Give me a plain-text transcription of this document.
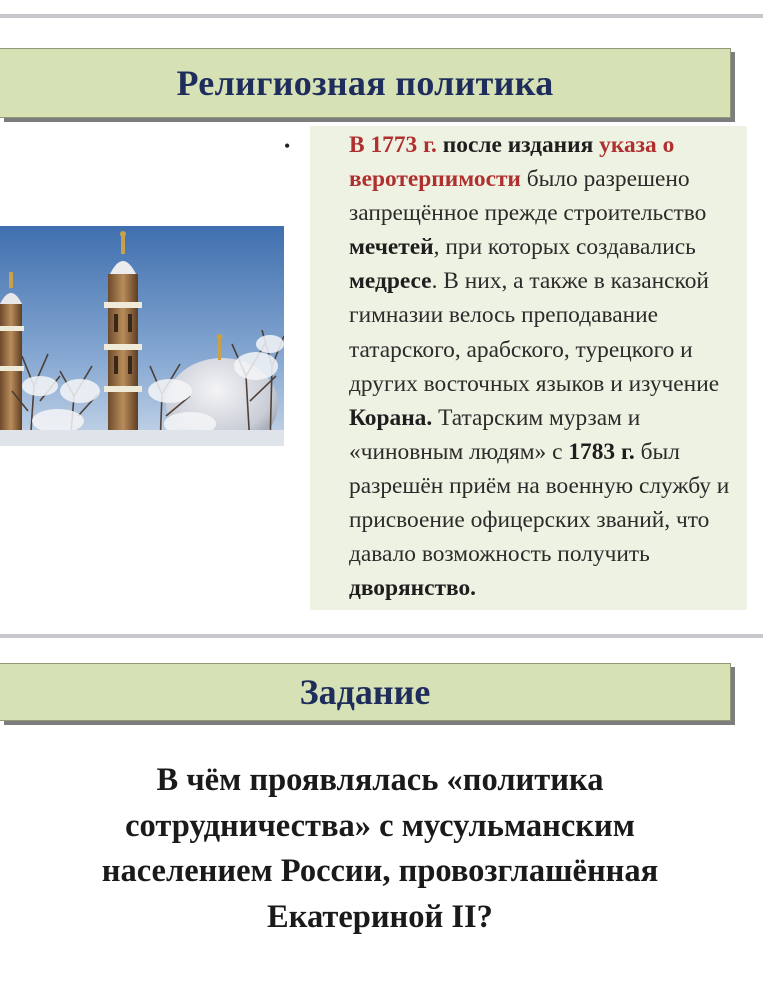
Религиозная политика
•	В 1773 г. после издания указа о веротерпимости было разрешено запрещённое прежде строительство мечетей, при которых создавались медресе. В них, а также в казанской гимназии велось преподавание татарского, арабского, турецкого и других восточных языков и изучение Корана. Татарским мурзам и «чиновным людям» с 1783 г. был разрешён приём на военную службу и присвоение офицерских званий, что давало возможность получить дворянство.

Задание

В чём проявлялась «политика
сотрудничества» с мусульманским
населением России, провозглашённая
Екатериной II?
